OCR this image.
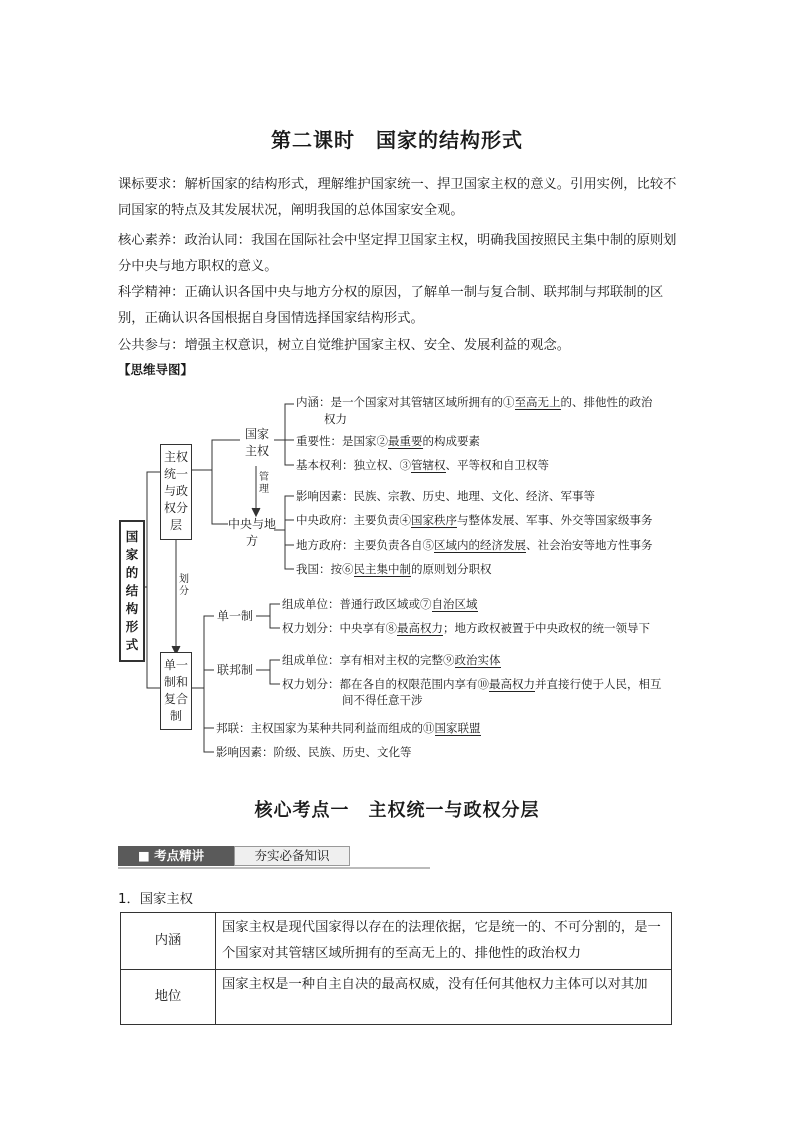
第二课时　国家的结构形式
课标要求：解析国家的结构形式，理解维护国家统一、捍卫国家主权的意义。引用实例，比较不同国家的特点及其发展状况，阐明我国的总体国家安全观。
核心素养：政治认同：我国在国际社会中坚定捍卫国家主权，明确我国按照民主集中制的原则划分中央与地方职权的意义。
科学精神：正确认识各国中央与地方分权的原因，了解单一制与复合制、联邦制与邦联制的区别，正确认识各国根据自身国情选择国家结构形式。
公共参与：增强主权意识，树立自觉维护国家主权、安全、发展利益的观念。
【思维导图】
国家的结构形式
主权统一与政权分层
单一制和复合制
国家主权
管理
中央与地方
划分
单一制
联邦制
内涵：是一个国家对其管辖区域所拥有的①至高无上的、排他性的政治
权力
重要性：是国家②最重要的构成要素
基本权利：独立权、③管辖权、平等权和自卫权等
影响因素：民族、宗教、历史、地理、文化、经济、军事等
中央政府：主要负责④国家秩序与整体发展、军事、外交等国家级事务
地方政府：主要负责各自⑤区域内的经济发展、社会治安等地方性事务
我国：按⑥民主集中制的原则划分职权
组成单位：普通行政区域或⑦自治区域
权力划分：中央享有⑧最高权力；地方政权被置于中央政权的统一领导下
组成单位：享有相对主权的完整⑨政治实体
权力划分：都在各自的权限范围内享有⑩最高权力并直接行使于人民，相互
间不得任意干涉
邦联：主权国家为某种共同利益而组成的⑪国家联盟
影响因素：阶级、民族、历史、文化等
核心考点一　主权统一与政权分层
■ 考点精讲	夯实必备知识
1．国家主权
内涵	国家主权是现代国家得以存在的法理依据，它是统一的、不可分割的，是一个国家对其管辖区域所拥有的至高无上的、排他性的政治权力
地位	国家主权是一种自主自决的最高权威，没有任何其他权力主体可以对其加
